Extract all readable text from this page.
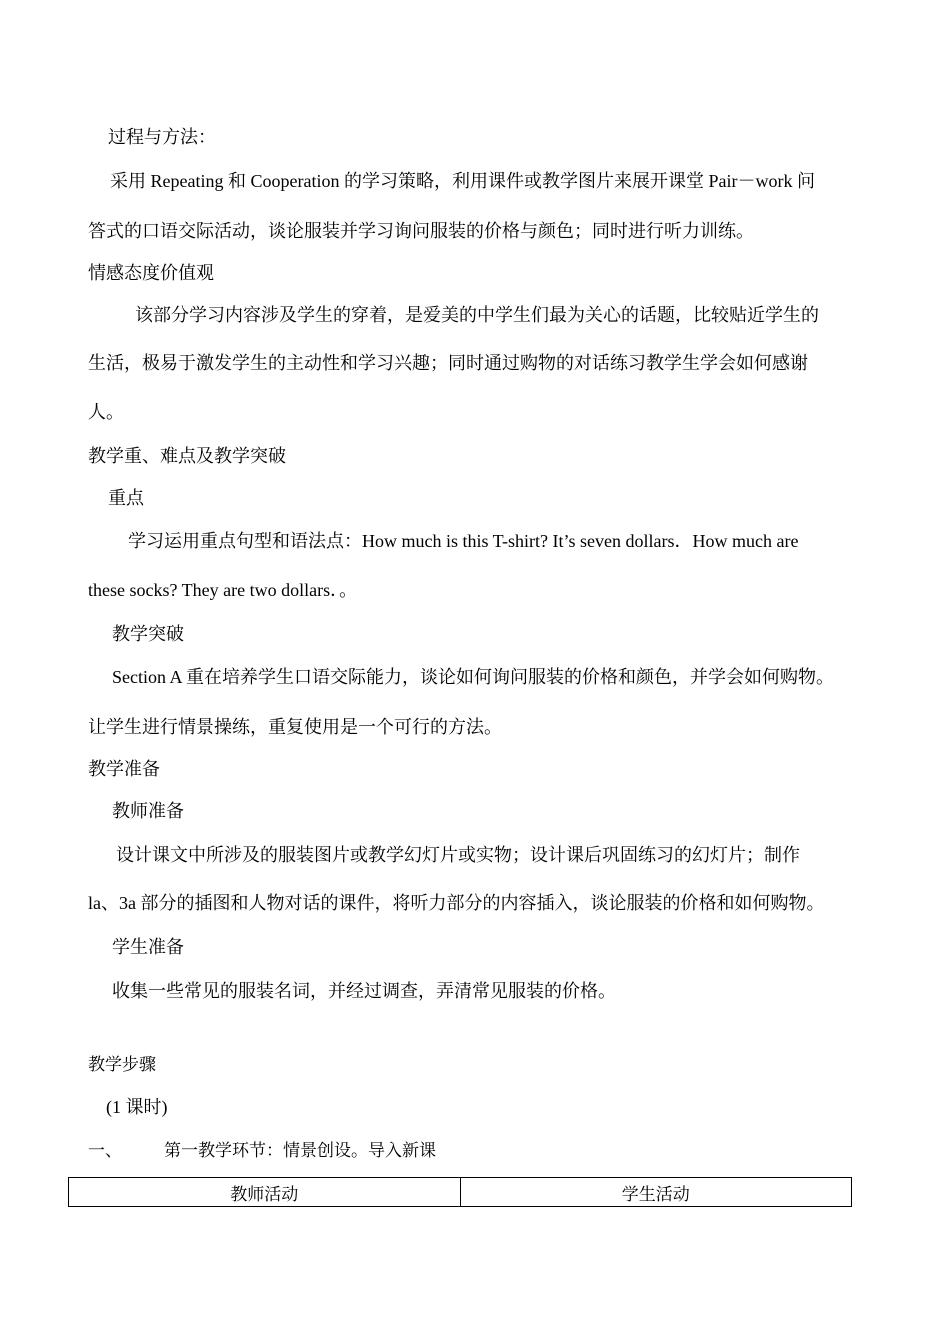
过程与方法：
采用 Repeating 和 Cooperation 的学习策略，利用课件或教学图片来展开课堂 Pair－work 问
答式的口语交际活动，谈论服装并学习询问服装的价格与颜色；同时进行听力训练。
情感态度价值观
该部分学习内容涉及学生的穿着，是爱美的中学生们最为关心的话题，比较贴近学生的
生活，极易于激发学生的主动性和学习兴趣；同时通过购物的对话练习教学生学会如何感谢
人。
教学重、难点及教学突破
重点
学习运用重点句型和语法点：How much is this T-shirt? It’s seven dollars．How much are
these socks? They are two dollars．。
教学突破
Section A 重在培养学生口语交际能力，谈论如何询问服装的价格和颜色，并学会如何购物。
让学生进行情景操练，重复使用是一个可行的方法。
教学准备
教师准备
设计课文中所涉及的服装图片或教学幻灯片或实物；设计课后巩固练习的幻灯片；制作
la、3a 部分的插图和人物对话的课件，将听力部分的内容插入，谈论服装的价格和如何购物。
学生准备
收集一些常见的服装名词，并经过调查，弄清常见服装的价格。
教学步骤
(1 课时)
一、 第一教学环节：情景创设。导入新课
教师活动	学生活动
